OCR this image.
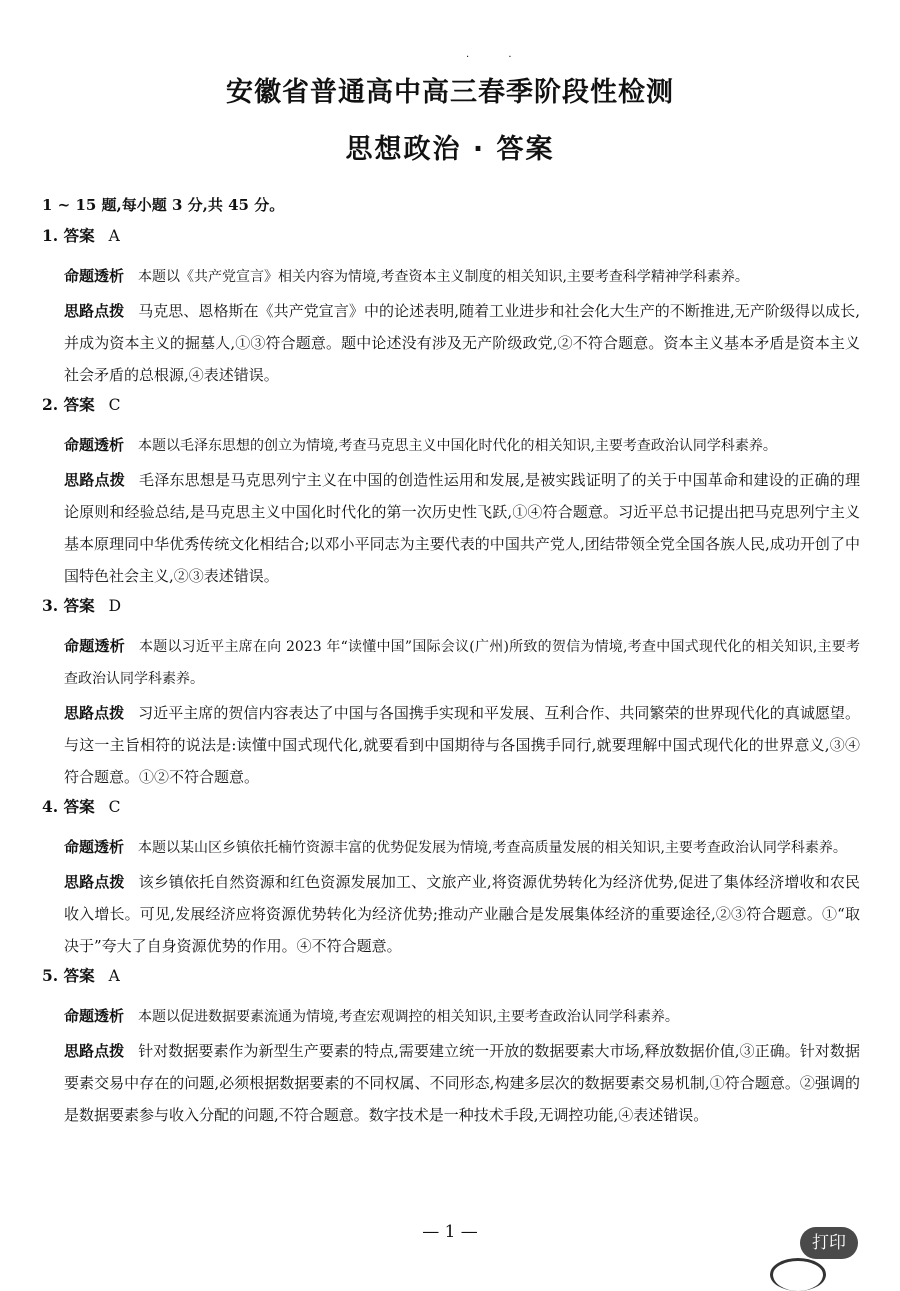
· ·
安徽省普通高中高三春季阶段性检测
思想政治 · 答案
1 ~ 15 题,每小题 3 分,共 45 分。
1. 答案 A
命题透析 本题以《共产党宣言》相关内容为情境,考查资本主义制度的相关知识,主要考查科学精神学科素养。
思路点拨 马克思、恩格斯在《共产党宣言》中的论述表明,随着工业进步和社会化大生产的不断推进,无产阶级得以成长,并成为资本主义的掘墓人,①③符合题意。题中论述没有涉及无产阶级政党,②不符合题意。资本主义基本矛盾是资本主义社会矛盾的总根源,④表述错误。
2. 答案 C
命题透析 本题以毛泽东思想的创立为情境,考查马克思主义中国化时代化的相关知识,主要考查政治认同学科素养。
思路点拨 毛泽东思想是马克思列宁主义在中国的创造性运用和发展,是被实践证明了的关于中国革命和建设的正确的理论原则和经验总结,是马克思主义中国化时代化的第一次历史性飞跃,①④符合题意。习近平总书记提出把马克思列宁主义基本原理同中华优秀传统文化相结合;以邓小平同志为主要代表的中国共产党人,团结带领全党全国各族人民,成功开创了中国特色社会主义,②③表述错误。
3. 答案 D
命题透析 本题以习近平主席在向 2023 年“读懂中国”国际会议(广州)所致的贺信为情境,考查中国式现代化的相关知识,主要考查政治认同学科素养。
思路点拨 习近平主席的贺信内容表达了中国与各国携手实现和平发展、互利合作、共同繁荣的世界现代化的真诚愿望。与这一主旨相符的说法是:读懂中国式现代化,就要看到中国期待与各国携手同行,就要理解中国式现代化的世界意义,③④符合题意。①②不符合题意。
4. 答案 C
命题透析 本题以某山区乡镇依托楠竹资源丰富的优势促发展为情境,考查高质量发展的相关知识,主要考查政治认同学科素养。
思路点拨 该乡镇依托自然资源和红色资源发展加工、文旅产业,将资源优势转化为经济优势,促进了集体经济增收和农民收入增长。可见,发展经济应将资源优势转化为经济优势;推动产业融合是发展集体经济的重要途径,②③符合题意。①“取决于”夸大了自身资源优势的作用。④不符合题意。
5. 答案 A
命题透析 本题以促进数据要素流通为情境,考查宏观调控的相关知识,主要考查政治认同学科素养。
思路点拨 针对数据要素作为新型生产要素的特点,需要建立统一开放的数据要素大市场,释放数据价值,③正确。针对数据要素交易中存在的问题,必须根据数据要素的不同权属、不同形态,构建多层次的数据要素交易机制,①符合题意。②强调的是数据要素参与收入分配的问题,不符合题意。数字技术是一种技术手段,无调控功能,④表述错误。
— 1 —
打印
